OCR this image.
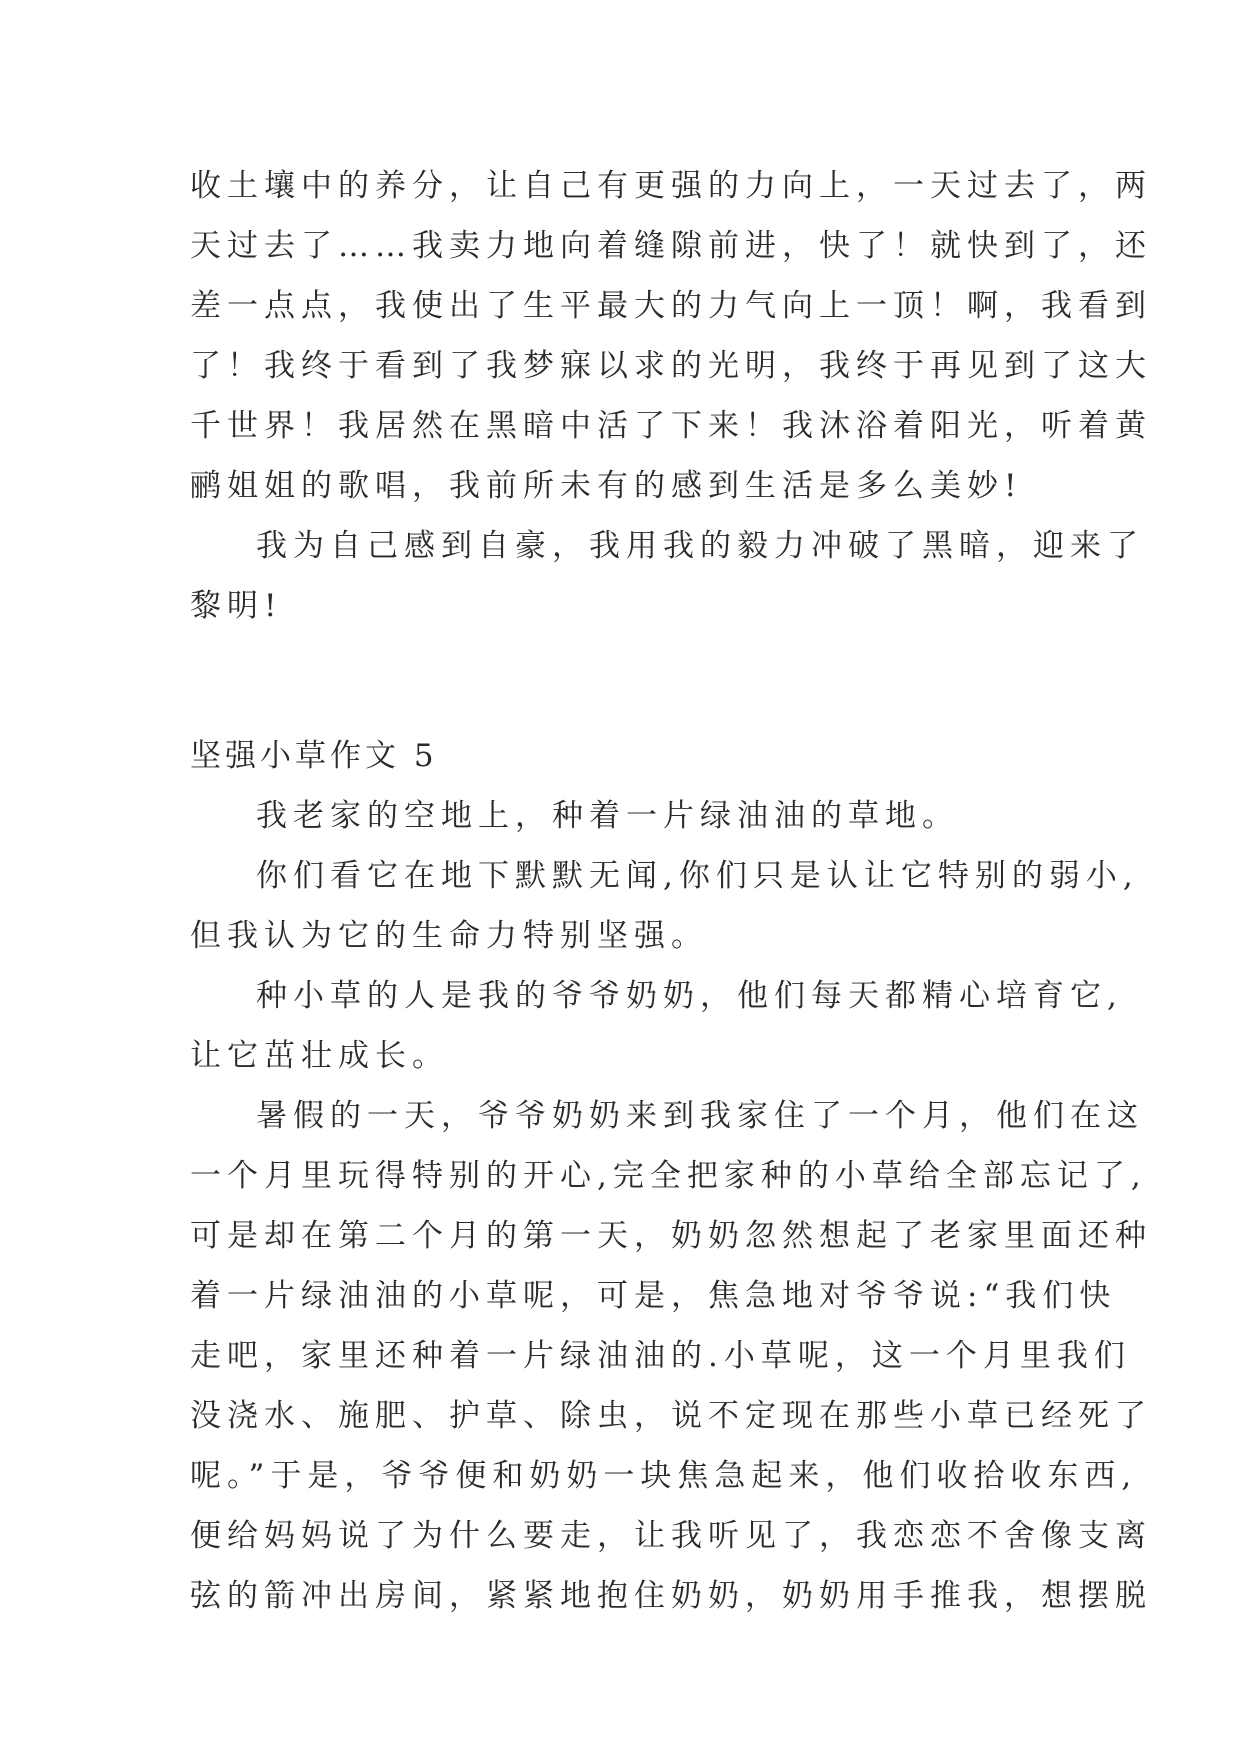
收土壤中的养分，让自己有更强的力向上，一天过去了，两
天过去了……我卖力地向着缝隙前进，快了！就快到了，还
差一点点，我使出了生平最大的力气向上一顶！啊，我看到
了！我终于看到了我梦寐以求的光明，我终于再见到了这大
千世界！我居然在黑暗中活了下来！我沐浴着阳光，听着黄
鹂姐姐的歌唱，我前所未有的感到生活是多么美妙!
我为自己感到自豪，我用我的毅力冲破了黑暗，迎来了
黎明!
坚强小草作文 5
我老家的空地上，种着一片绿油油的草地。
你们看它在地下默默无闻,你们只是认让它特别的弱小,
但我认为它的生命力特别坚强。
种小草的人是我的爷爷奶奶，他们每天都精心培育它,
让它茁壮成长。
暑假的一天，爷爷奶奶来到我家住了一个月，他们在这
一个月里玩得特别的开心,完全把家种的小草给全部忘记了,
可是却在第二个月的第一天，奶奶忽然想起了老家里面还种
着一片绿油油的小草呢，可是，焦急地对爷爷说:“我们快
走吧，家里还种着一片绿油油的.小草呢，这一个月里我们
没浇水、施肥、护草、除虫，说不定现在那些小草已经死了
呢。”于是，爷爷便和奶奶一块焦急起来，他们收拾收东西,
便给妈妈说了为什么要走，让我听见了，我恋恋不舍像支离
弦的箭冲出房间，紧紧地抱住奶奶，奶奶用手推我，想摆脱
